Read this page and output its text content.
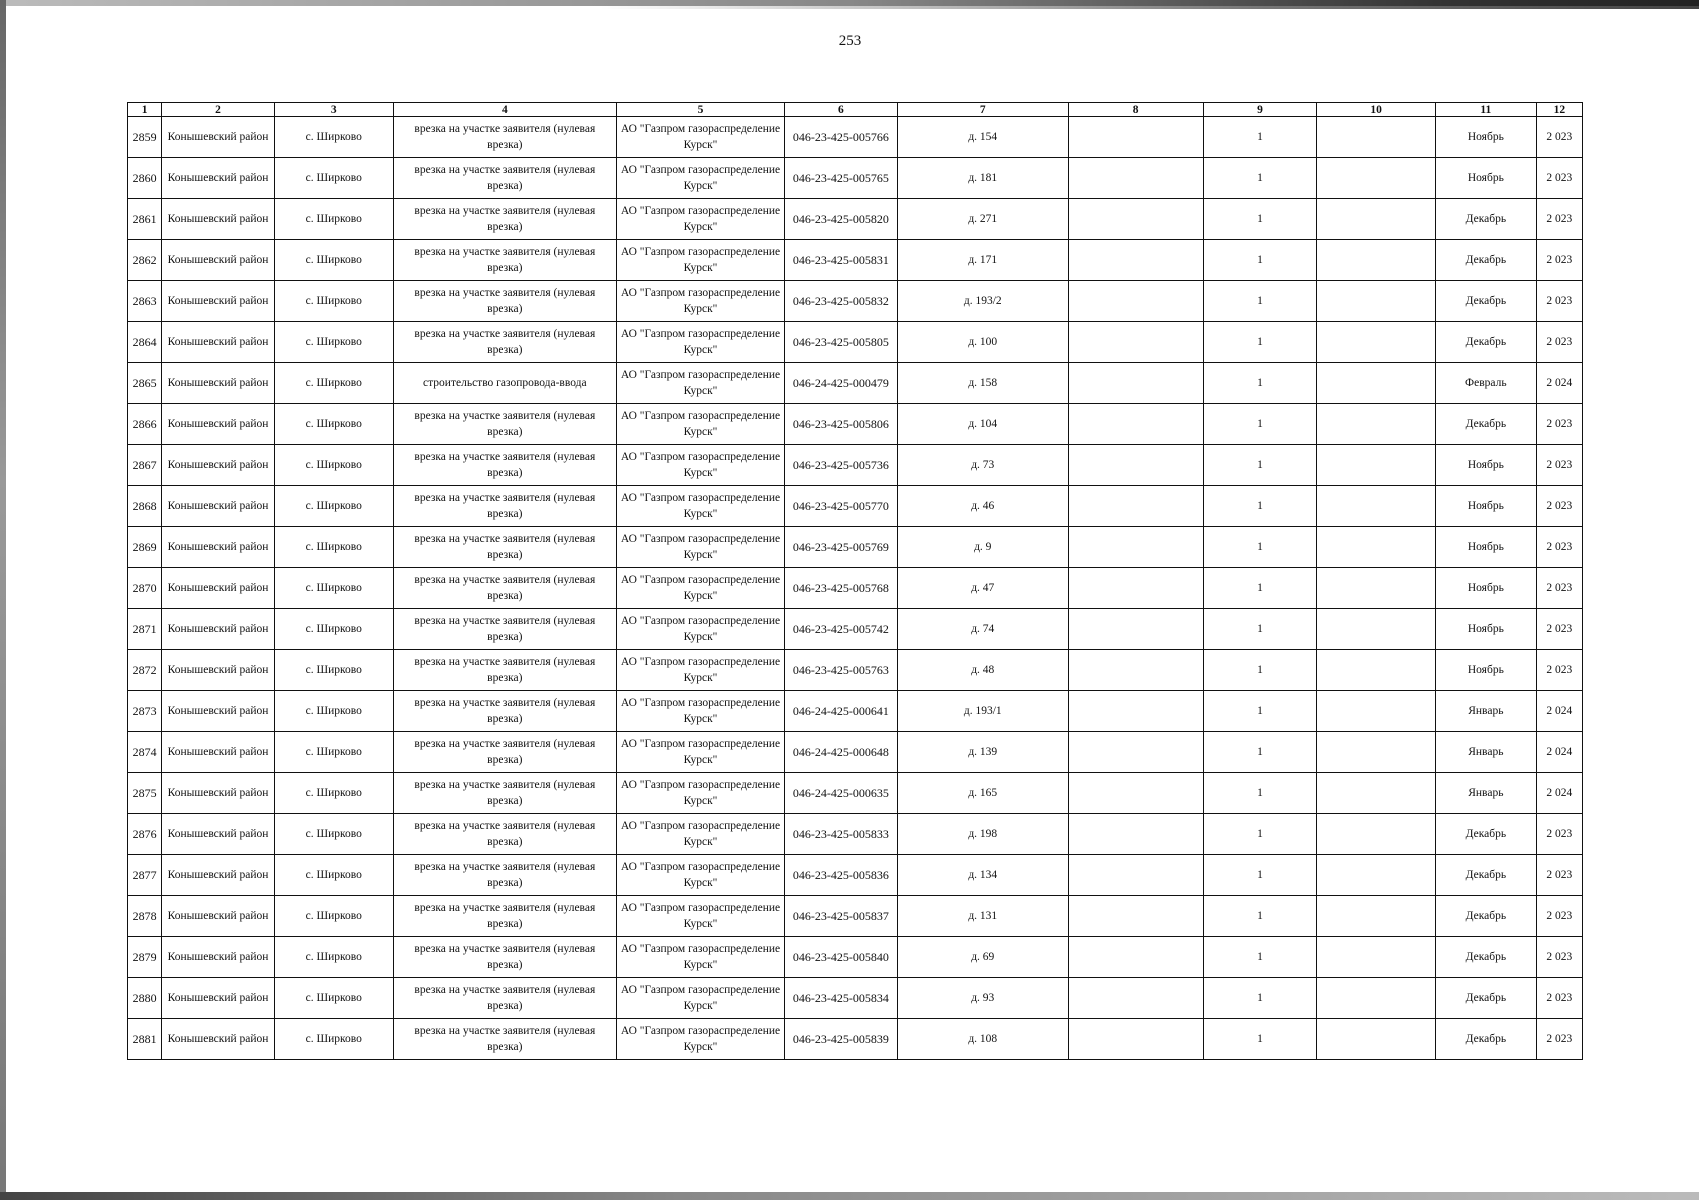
253
1	2	3	4	5	6	7	8	9	10	11	12
2859	Конышевский район	с. Ширково	врезка на участке заявителя (нулевая врезка)	АО "Газпром газораспределение Курск"	046-23-425-005766	д. 154		1		Ноябрь	2 023
2860	Конышевский район	с. Ширково	врезка на участке заявителя (нулевая врезка)	АО "Газпром газораспределение Курск"	046-23-425-005765	д. 181		1		Ноябрь	2 023
2861	Конышевский район	с. Ширково	врезка на участке заявителя (нулевая врезка)	АО "Газпром газораспределение Курск"	046-23-425-005820	д. 271		1		Декабрь	2 023
2862	Конышевский район	с. Ширково	врезка на участке заявителя (нулевая врезка)	АО "Газпром газораспределение Курск"	046-23-425-005831	д. 171		1		Декабрь	2 023
2863	Конышевский район	с. Ширково	врезка на участке заявителя (нулевая врезка)	АО "Газпром газораспределение Курск"	046-23-425-005832	д. 193/2		1		Декабрь	2 023
2864	Конышевский район	с. Ширково	врезка на участке заявителя (нулевая врезка)	АО "Газпром газораспределение Курск"	046-23-425-005805	д. 100		1		Декабрь	2 023
2865	Конышевский район	с. Ширково	строительство газопровода-ввода	АО "Газпром газораспределение Курск"	046-24-425-000479	д. 158		1		Февраль	2 024
2866	Конышевский район	с. Ширково	врезка на участке заявителя (нулевая врезка)	АО "Газпром газораспределение Курск"	046-23-425-005806	д. 104		1		Декабрь	2 023
2867	Конышевский район	с. Ширково	врезка на участке заявителя (нулевая врезка)	АО "Газпром газораспределение Курск"	046-23-425-005736	д. 73		1		Ноябрь	2 023
2868	Конышевский район	с. Ширково	врезка на участке заявителя (нулевая врезка)	АО "Газпром газораспределение Курск"	046-23-425-005770	д. 46		1		Ноябрь	2 023
2869	Конышевский район	с. Ширково	врезка на участке заявителя (нулевая врезка)	АО "Газпром газораспределение Курск"	046-23-425-005769	д. 9		1		Ноябрь	2 023
2870	Конышевский район	с. Ширково	врезка на участке заявителя (нулевая врезка)	АО "Газпром газораспределение Курск"	046-23-425-005768	д. 47		1		Ноябрь	2 023
2871	Конышевский район	с. Ширково	врезка на участке заявителя (нулевая врезка)	АО "Газпром газораспределение Курск"	046-23-425-005742	д. 74		1		Ноябрь	2 023
2872	Конышевский район	с. Ширково	врезка на участке заявителя (нулевая врезка)	АО "Газпром газораспределение Курск"	046-23-425-005763	д. 48		1		Ноябрь	2 023
2873	Конышевский район	с. Ширково	врезка на участке заявителя (нулевая врезка)	АО "Газпром газораспределение Курск"	046-24-425-000641	д. 193/1		1		Январь	2 024
2874	Конышевский район	с. Ширково	врезка на участке заявителя (нулевая врезка)	АО "Газпром газораспределение Курск"	046-24-425-000648	д. 139		1		Январь	2 024
2875	Конышевский район	с. Ширково	врезка на участке заявителя (нулевая врезка)	АО "Газпром газораспределение Курск"	046-24-425-000635	д. 165		1		Январь	2 024
2876	Конышевский район	с. Ширково	врезка на участке заявителя (нулевая врезка)	АО "Газпром газораспределение Курск"	046-23-425-005833	д. 198		1		Декабрь	2 023
2877	Конышевский район	с. Ширково	врезка на участке заявителя (нулевая врезка)	АО "Газпром газораспределение Курск"	046-23-425-005836	д. 134		1		Декабрь	2 023
2878	Конышевский район	с. Ширково	врезка на участке заявителя (нулевая врезка)	АО "Газпром газораспределение Курск"	046-23-425-005837	д. 131		1		Декабрь	2 023
2879	Конышевский район	с. Ширково	врезка на участке заявителя (нулевая врезка)	АО "Газпром газораспределение Курск"	046-23-425-005840	д. 69		1		Декабрь	2 023
2880	Конышевский район	с. Ширково	врезка на участке заявителя (нулевая врезка)	АО "Газпром газораспределение Курск"	046-23-425-005834	д. 93		1		Декабрь	2 023
2881	Конышевский район	с. Ширково	врезка на участке заявителя (нулевая врезка)	АО "Газпром газораспределение Курск"	046-23-425-005839	д. 108		1		Декабрь	2 023
